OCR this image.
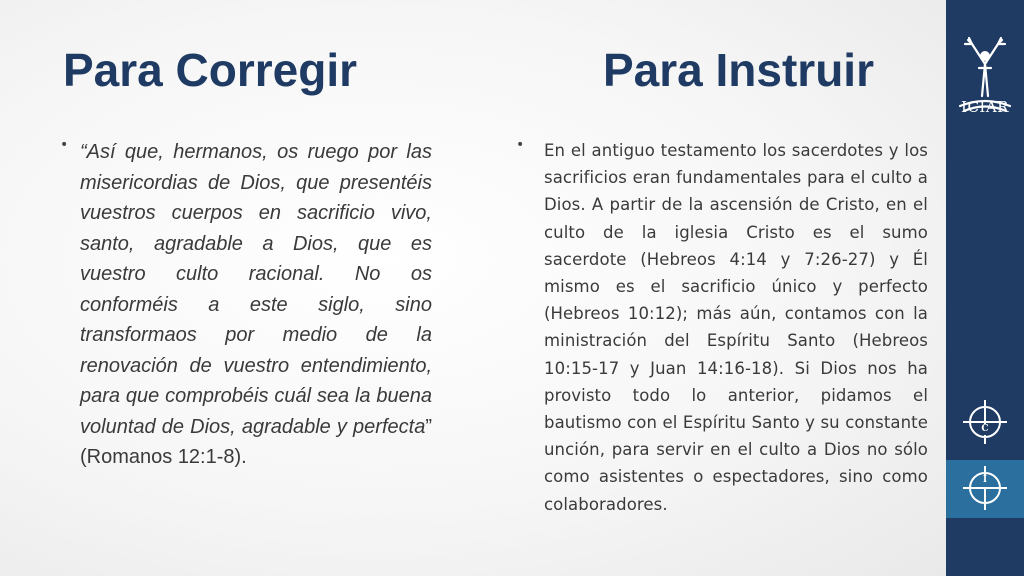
Para Corregir	Para Instruir
• “Así que, hermanos, os ruego por las misericordias de Dios, que presentéis vuestros cuerpos en sacrificio vivo, santo, agradable a Dios, que es vuestro culto racional. No os conforméis a este siglo, sino transformaos por medio de la renovación de vuestro entendimiento, para que comprobéis cuál sea la buena voluntad de Dios, agradable y perfecta” (Romanos 12:1-8).
• En el antiguo testamento los sacerdotes y los sacrificios eran fundamentales para el culto a Dios. A partir de la ascensión de Cristo, en el culto de la iglesia Cristo es el sumo sacerdote (Hebreos 4:14 y 7:26-27) y Él mismo es el sacrificio único y perfecto (Hebreos 10:12); más aún, contamos con la ministración del Espíritu Santo (Hebreos 10:15-17 y Juan 14:16-18). Si Dios nos ha provisto todo lo anterior, pidamos el bautismo con el Espíritu Santo y su constante unción, para servir en el culto a Dios no sólo como asistentes o espectadores, sino como colaboradores.
ICIAR
C
I
